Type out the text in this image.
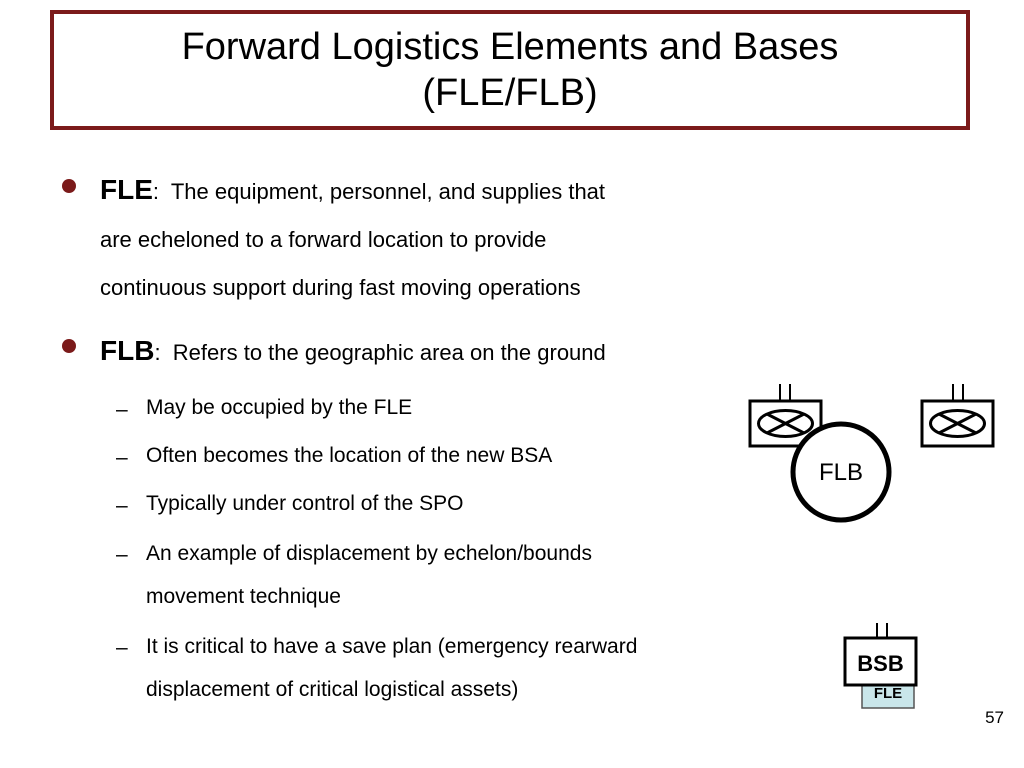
Forward Logistics Elements and Bases
(FLE/FLB)
FLE: The equipment, personnel, and supplies that
are echeloned to a forward location to provide
continuous support during fast moving operations
FLB: Refers to the geographic area on the ground
– May be occupied by the FLE
– Often becomes the location of the new BSA
– Typically under control of the SPO
– An example of displacement by echelon/bounds
movement technique
– It is critical to have a save plan (emergency rearward
displacement of critical logistical assets)
FLB
FLE
BSB
57
